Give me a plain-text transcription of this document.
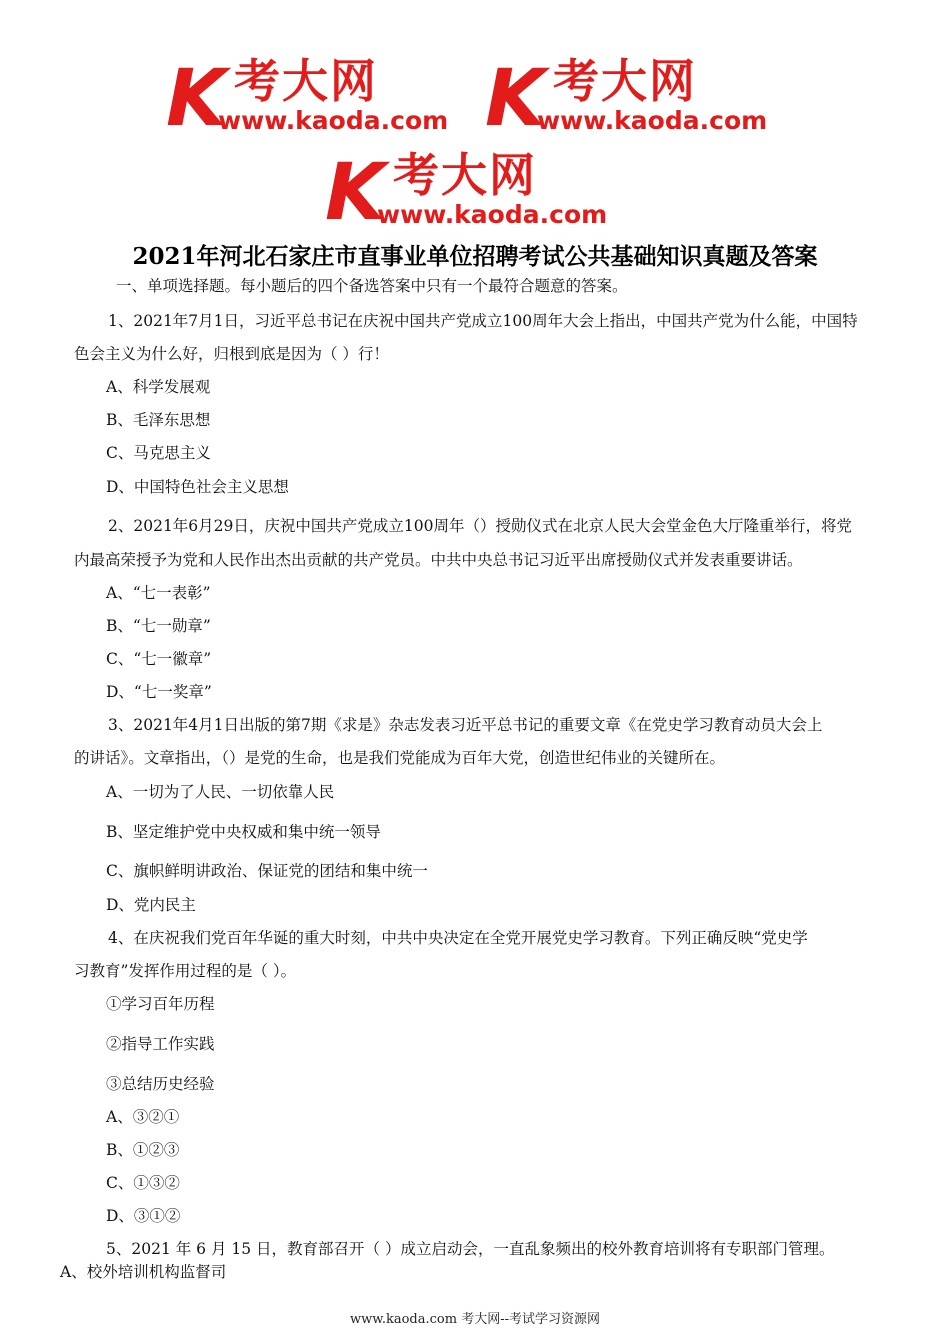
K 考大网
www.kaoda.com K 考大网
www.kaoda.com
K 考大网
www.kaoda.com
2021年河北石家庄市直事业单位招聘考试公共基础知识真题及答案
一、单项选择题。每小题后的四个备选答案中只有一个最符合题意的答案。
1、2021年7月1日，习近平总书记在庆祝中国共产党成立100周年大会上指出，中国共产党为什么能，中国特
色会主义为什么好，归根到底是因为（ ）行！
A、科学发展观
B、毛泽东思想
C、马克思主义
D、中国特色社会主义思想
2、2021年6月29日，庆祝中国共产党成立100周年（）授勋仪式在北京人民大会堂金色大厅隆重举行，将党
内最高荣授予为党和人民作出杰出贡献的共产党员。中共中央总书记习近平出席授勋仪式并发表重要讲话。
A、“七一表彰”
B、“七一勋章”
C、“七一徽章”
D、“七一奖章”
3、2021年4月1日出版的第7期《求是》杂志发表习近平总书记的重要文章《在党史学习教育动员大会上
的讲话》。文章指出，（）是党的生命，也是我们党能成为百年大党，创造世纪伟业的关键所在。
A、一切为了人民、一切依靠人民
B、坚定维护党中央权威和集中统一领导
C、旗帜鲜明讲政治、保证党的团结和集中统一
D、党内民主
4、在庆祝我们党百年华诞的重大时刻，中共中央决定在全党开展党史学习教育。下列正确反映“党史学
习教育”发挥作用过程的是（ ）。
①学习百年历程
②指导工作实践
③总结历史经验
A、③②①
B、①②③
C、①③②
D、③①②
5、2021 年 6 月 15 日，教育部召开（ ）成立启动会，一直乱象频出的校外教育培训将有专职部门管理。
A、校外培训机构监督司
www.kaoda.com 考大网--考试学习资源网
